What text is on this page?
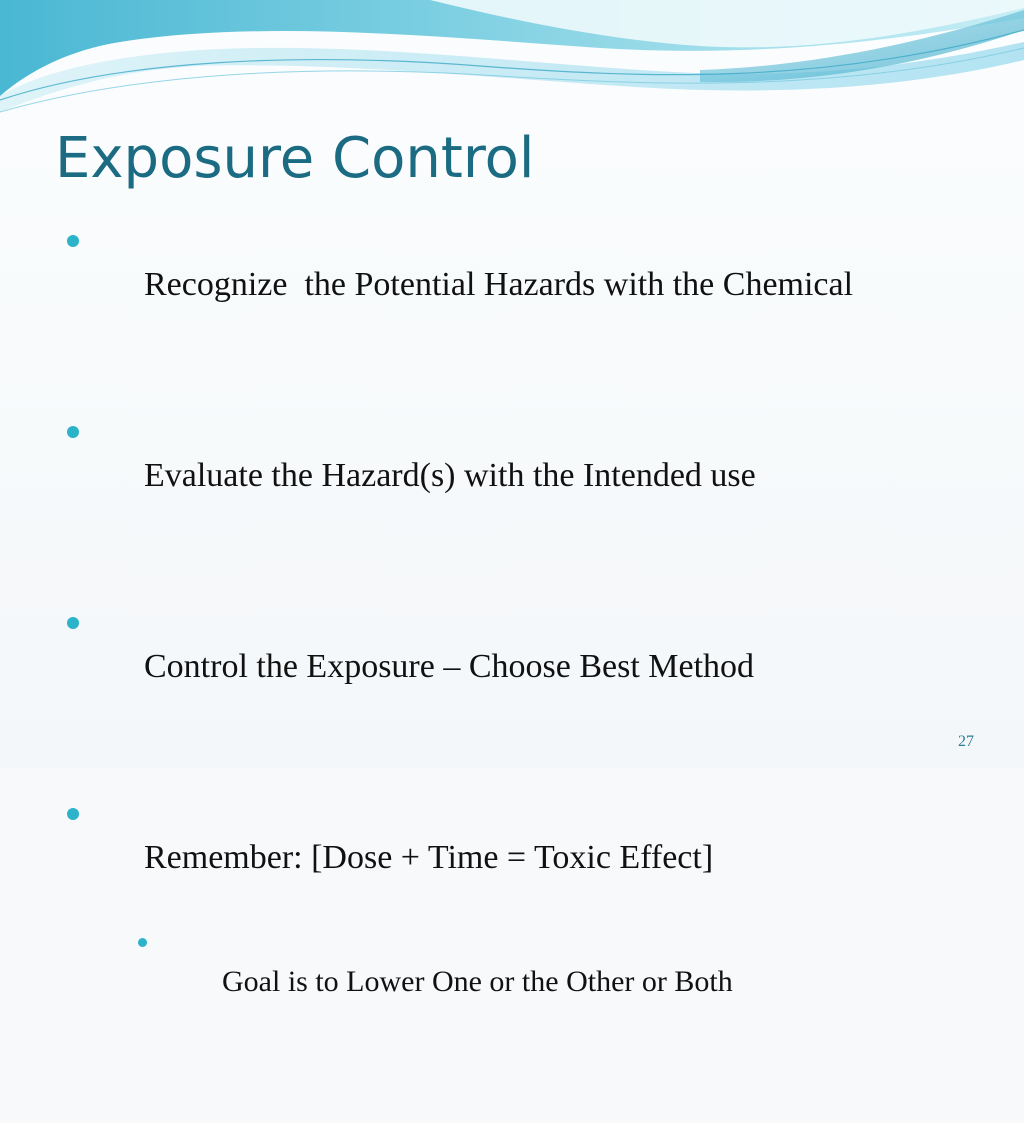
Exposure Control

Recognize  the Potential Hazards with the Chemical

Evaluate the Hazard(s) with the Intended use

Control the Exposure – Choose Best Method

Remember: [Dose + Time = Toxic Effect]

Goal is to Lower One or the Other or Both

27
